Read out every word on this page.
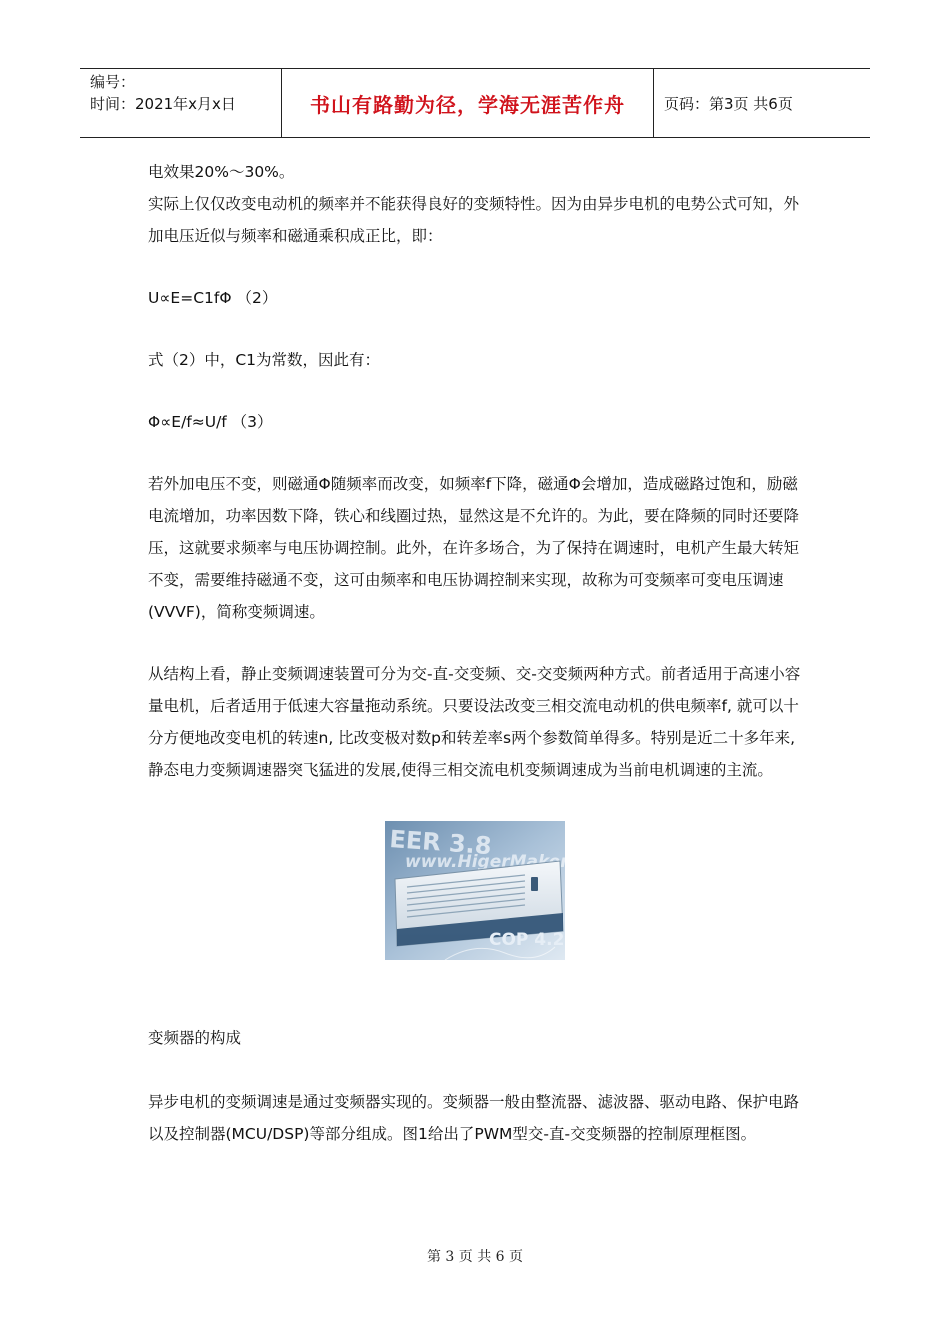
编号：
时间：2021年x月x日	书山有路勤为径，学海无涯苦作舟	页码：第3页 共6页

电效果20%～30%。

实际上仅仅改变电动机的频率并不能获得良好的变频特性。因为由异步电机的电势公式可知，外加电压近似与频率和磁通乘积成正比，即：

U∝E=C1fΦ （2）

式（2）中，C1为常数，因此有：

Φ∝E/f≈U/f （3）

若外加电压不变，则磁通Φ随频率而改变，如频率f下降，磁通Φ会增加，造成磁路过饱和，励磁电流增加，功率因数下降，铁心和线圈过热，显然这是不允许的。为此，要在降频的同时还要降压，这就要求频率与电压协调控制。此外，在许多场合，为了保持在调速时，电机产生最大转矩不变，需要维持磁通不变，这可由频率和电压协调控制来实现，故称为可变频率可变电压调速(VVVF)，简称变频调速。

从结构上看，静止变频调速装置可分为交-直-交变频、交-交变频两种方式。前者适用于高速小容量电机，后者适用于低速大容量拖动系统。只要设法改变三相交流电动机的供电频率f, 就可以十分方便地改变电机的转速n, 比改变极对数p和转差率s两个参数简单得多。特别是近二十多年来,静态电力变频调速器突飞猛进的发展,使得三相交流电机变频调速成为当前电机调速的主流。

EER 3.8
www.HigerMaker
COP 4.2
变频器的构成

异步电机的变频调速是通过变频器实现的。变频器一般由整流器、滤波器、驱动电路、保护电路以及控制器(MCU/DSP)等部分组成。图1给出了PWM型交-直-交变频器的控制原理框图。

第 3 页 共 6 页
